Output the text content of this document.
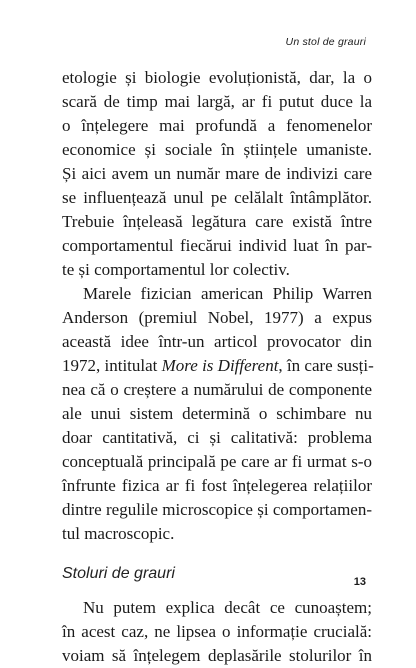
Un stol de grauri
etologie și biologie evoluționistă, dar, la o
scară de timp mai largă, ar fi putut duce la
o înțelegere mai profundă a fenomenelor
economice și sociale în științele umaniste.
Și aici avem un număr mare de indivizi care
se influențează unul pe celălalt întâmplător.
Trebuie înțeleasă legătura care există între
comportamentul fiecărui individ luat în par-
te și comportamentul lor colectiv.
Marele fizician american Philip Warren
Anderson (premiul Nobel, 1977) a expus
această idee într-un articol provocator din
1972, intitulat More is Different, în care susți-
nea că o creștere a numărului de componente
ale unui sistem determină o schimbare nu
doar cantitativă, ci și calitativă: problema
conceptuală principală pe care ar fi urmat s-o
înfrunte fizica ar fi fost înțelegerea relațiilor
dintre regulile microscopice și comportamen-
tul macroscopic.
Stoluri de grauri
Nu putem explica decât ce cunoaștem;
în acest caz, ne lipsea o informație crucială:
voiam să înțelegem deplasările stolurilor în
13
